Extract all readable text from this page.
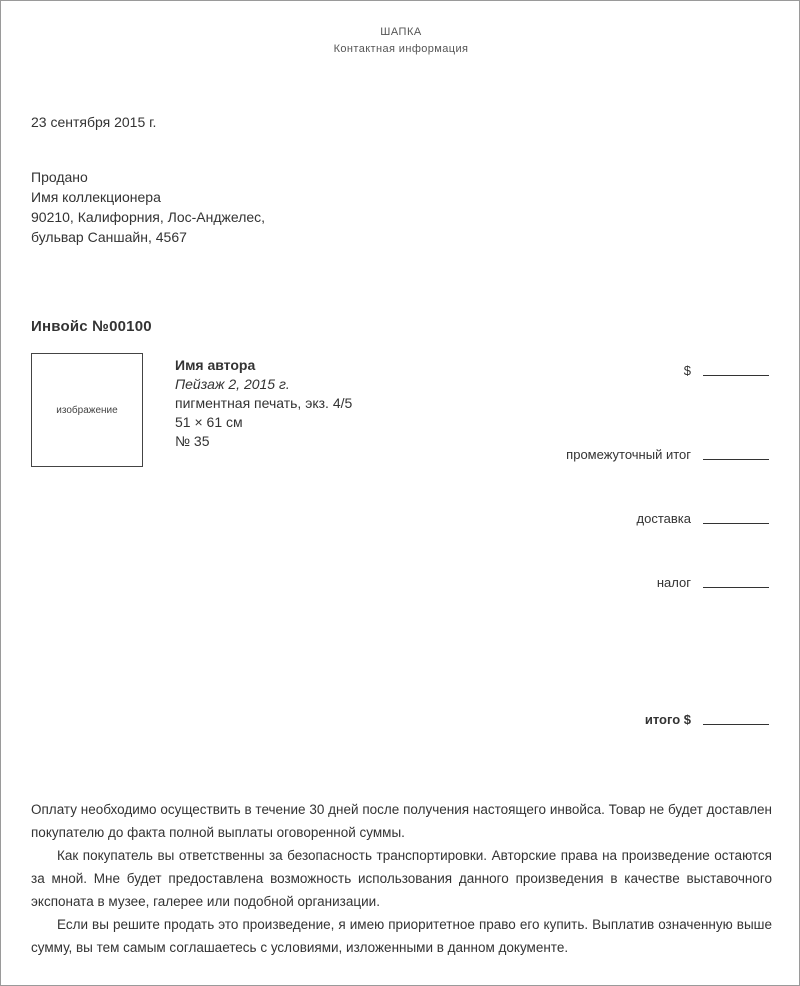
ШАПКА
Контактная информация
23 сентября 2015 г.
Продано
Имя коллекционера
90210, Калифорния, Лос-Анджелес,
бульвар Саншайн, 4567
Инвойс №00100
изображение
Имя автора
Пейзаж 2, 2015 г.
пигментная печать, экз. 4/5
51 × 61 см
№ 35
$
промежуточный итог
доставка
налог
итого $

Оплату необходимо осуществить в течение 30 дней после получения настоящего инвойса. Товар не будет доставлен покупателю до факта полной выплаты оговоренной суммы.

Как покупатель вы ответственны за безопасность транспортировки. Авторские права на произведение остаются за мной. Мне будет предоставлена возможность использования данного произведения в качестве выставочного экспоната в музее, галерее или подобной организации.

Если вы решите продать это произведение, я имею приоритетное право его купить. Выплатив означенную выше сумму, вы тем самым соглашаетесь с условиями, изложенными в данном документе.
